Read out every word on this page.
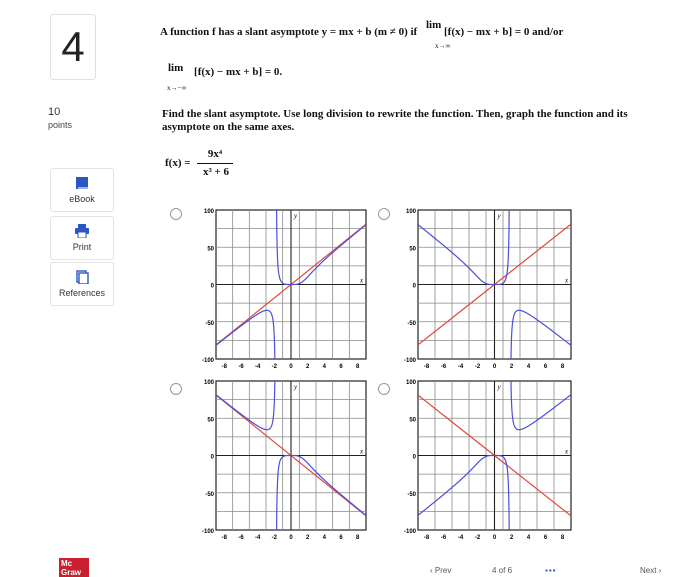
4
10
points
eBook
Print
References
Mc Graw
A function f has a slant asymptote y = mx + b (m ≠ 0) if lim [f(x) − mx + b] = 0 and/or
x→∞
lim [f(x) − mx + b] = 0.
x→−∞
Find the slant asymptote. Use long division to rewrite the function. Then, graph the function and its asymptote on the same axes.
f(x) =
9x⁴
x³ + 6
100
50
0
-50
-100
-8 -6 -4 -2 0 2 4 6 8
x
y	100
50
0
-50
-100
-8 -6 -4 -2 0 2 4 6 8
x
y
100
50
0
-50
-100
-8 -6 -4 -2 0 2 4 6 8
x
y	100
50
0
-50
-100
-8 -6 -4 -2 0 2 4 6 8
x
y
‹ Prev	4 of 6	▪▪▪	Next ›
